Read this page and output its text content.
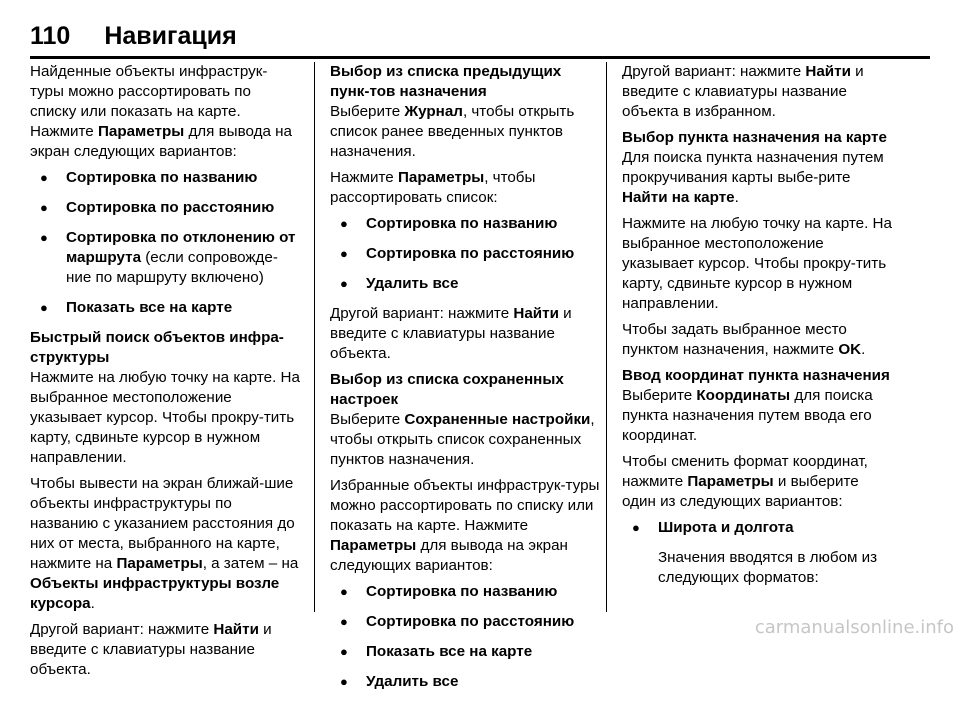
110 Навигация

Найденные объекты инфраструк-туры можно рассортировать по списку или показать на карте. Нажмите Параметры для вывода на экран следующих вариантов:

● Сортировка по названию
● Сортировка по расстоянию
● Сортировка по отклонению от маршрута (если сопровожде-ние по маршруту включено)
● Показать все на карте

Быстрый поиск объектов инфра-структуры

Нажмите на любую точку на карте. На выбранное местоположение указывает курсор. Чтобы прокру-тить карту, сдвиньте курсор в нужном направлении.

Чтобы вывести на экран ближай-шие объекты инфраструктуры по названию с указанием расстояния до них от места, выбранного на карте, нажмите на Параметры, а затем – на Объекты инфраструктуры возле курсора.

Другой вариант: нажмите Найти и введите с клавиатуры название объекта.

Выбор из списка предыдущих пунк-тов назначения

Выберите Журнал, чтобы открыть список ранее введенных пунктов назначения.

Нажмите Параметры, чтобы рассортировать список:

● Сортировка по названию
● Сортировка по расстоянию
● Удалить все

Другой вариант: нажмите Найти и введите с клавиатуры название объекта.

Выбор из списка сохраненных настроек

Выберите Сохраненные настройки, чтобы открыть список сохраненных пунктов назначения.

Избранные объекты инфраструк-туры можно рассортировать по списку или показать на карте. Нажмите Параметры для вывода на экран следующих вариантов:

● Сортировка по названию
● Сортировка по расстоянию
● Показать все на карте
● Удалить все

Другой вариант: нажмите Найти и введите с клавиатуры название объекта в избранном.

Выбор пункта назначения на карте

Для поиска пункта назначения путем прокручивания карты выбе-рите Найти на карте.

Нажмите на любую точку на карте. На выбранное местоположение указывает курсор. Чтобы прокру-тить карту, сдвиньте курсор в нужном направлении.

Чтобы задать выбранное место пунктом назначения, нажмите OK.

Ввод координат пункта назначения

Выберите Координаты для поиска пункта назначения путем ввода его координат.

Чтобы сменить формат координат, нажмите Параметры и выберите один из следующих вариантов:

● Широта и долгота

Значения вводятся в любом из следующих форматов:

carmanualsonline.info
